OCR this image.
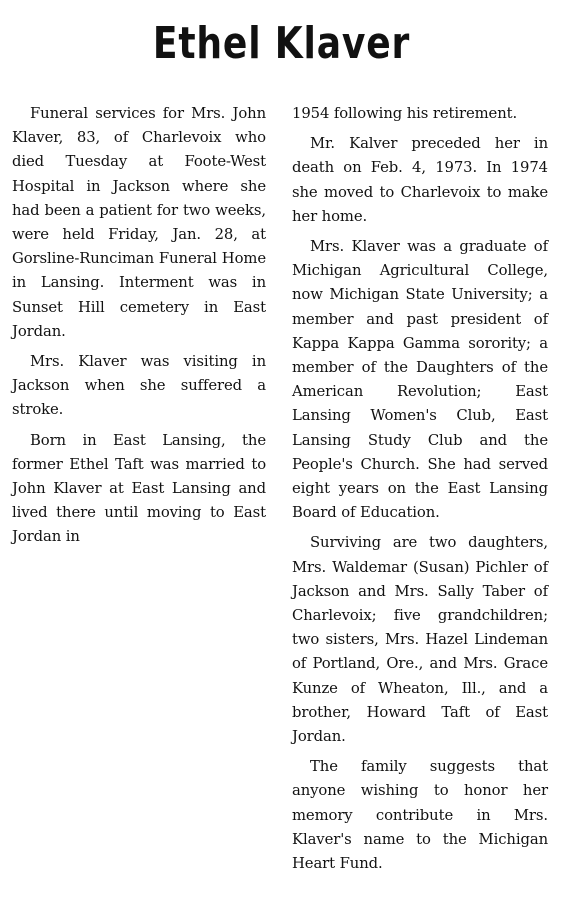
Ethel Klaver

Funeral services for Mrs. John Klaver, 83, of Charlevoix who died Tuesday at Foote-West Hospital in Jackson where she had been a patient for two weeks, were held Friday, Jan. 28, at Gorsline-Runciman Funeral Home in Lansing. Interment was in Sunset Hill cemetery in East Jordan.

Mrs. Klaver was visiting in Jackson when she suffered a stroke.

Born in East Lansing, the former Ethel Taft was married to John Klaver at East Lansing and lived there until moving to East Jordan in

1954 following his retirement.

Mr. Kalver preceded her in death on Feb. 4, 1973. In 1974 she moved to Charlevoix to make her home.

Mrs. Klaver was a graduate of Michigan Agricultural College, now Michigan State University; a member and past president of Kappa Kappa Gamma sorority; a member of the Daughters of the American Revolution; East Lansing Women's Club, East Lansing Study Club and the People's Church. She had served eight years on the East Lansing Board of Education.

Surviving are two daughters, Mrs. Waldemar (Susan) Pichler of Jackson and Mrs. Sally Taber of Charlevoix; five grandchildren; two sisters, Mrs. Hazel Lindeman of Portland, Ore., and Mrs. Grace Kunze of Wheaton, Ill., and a brother, Howard Taft of East Jordan.

The family suggests that anyone wishing to honor her memory contribute in Mrs. Klaver's name to the Michigan Heart Fund.
